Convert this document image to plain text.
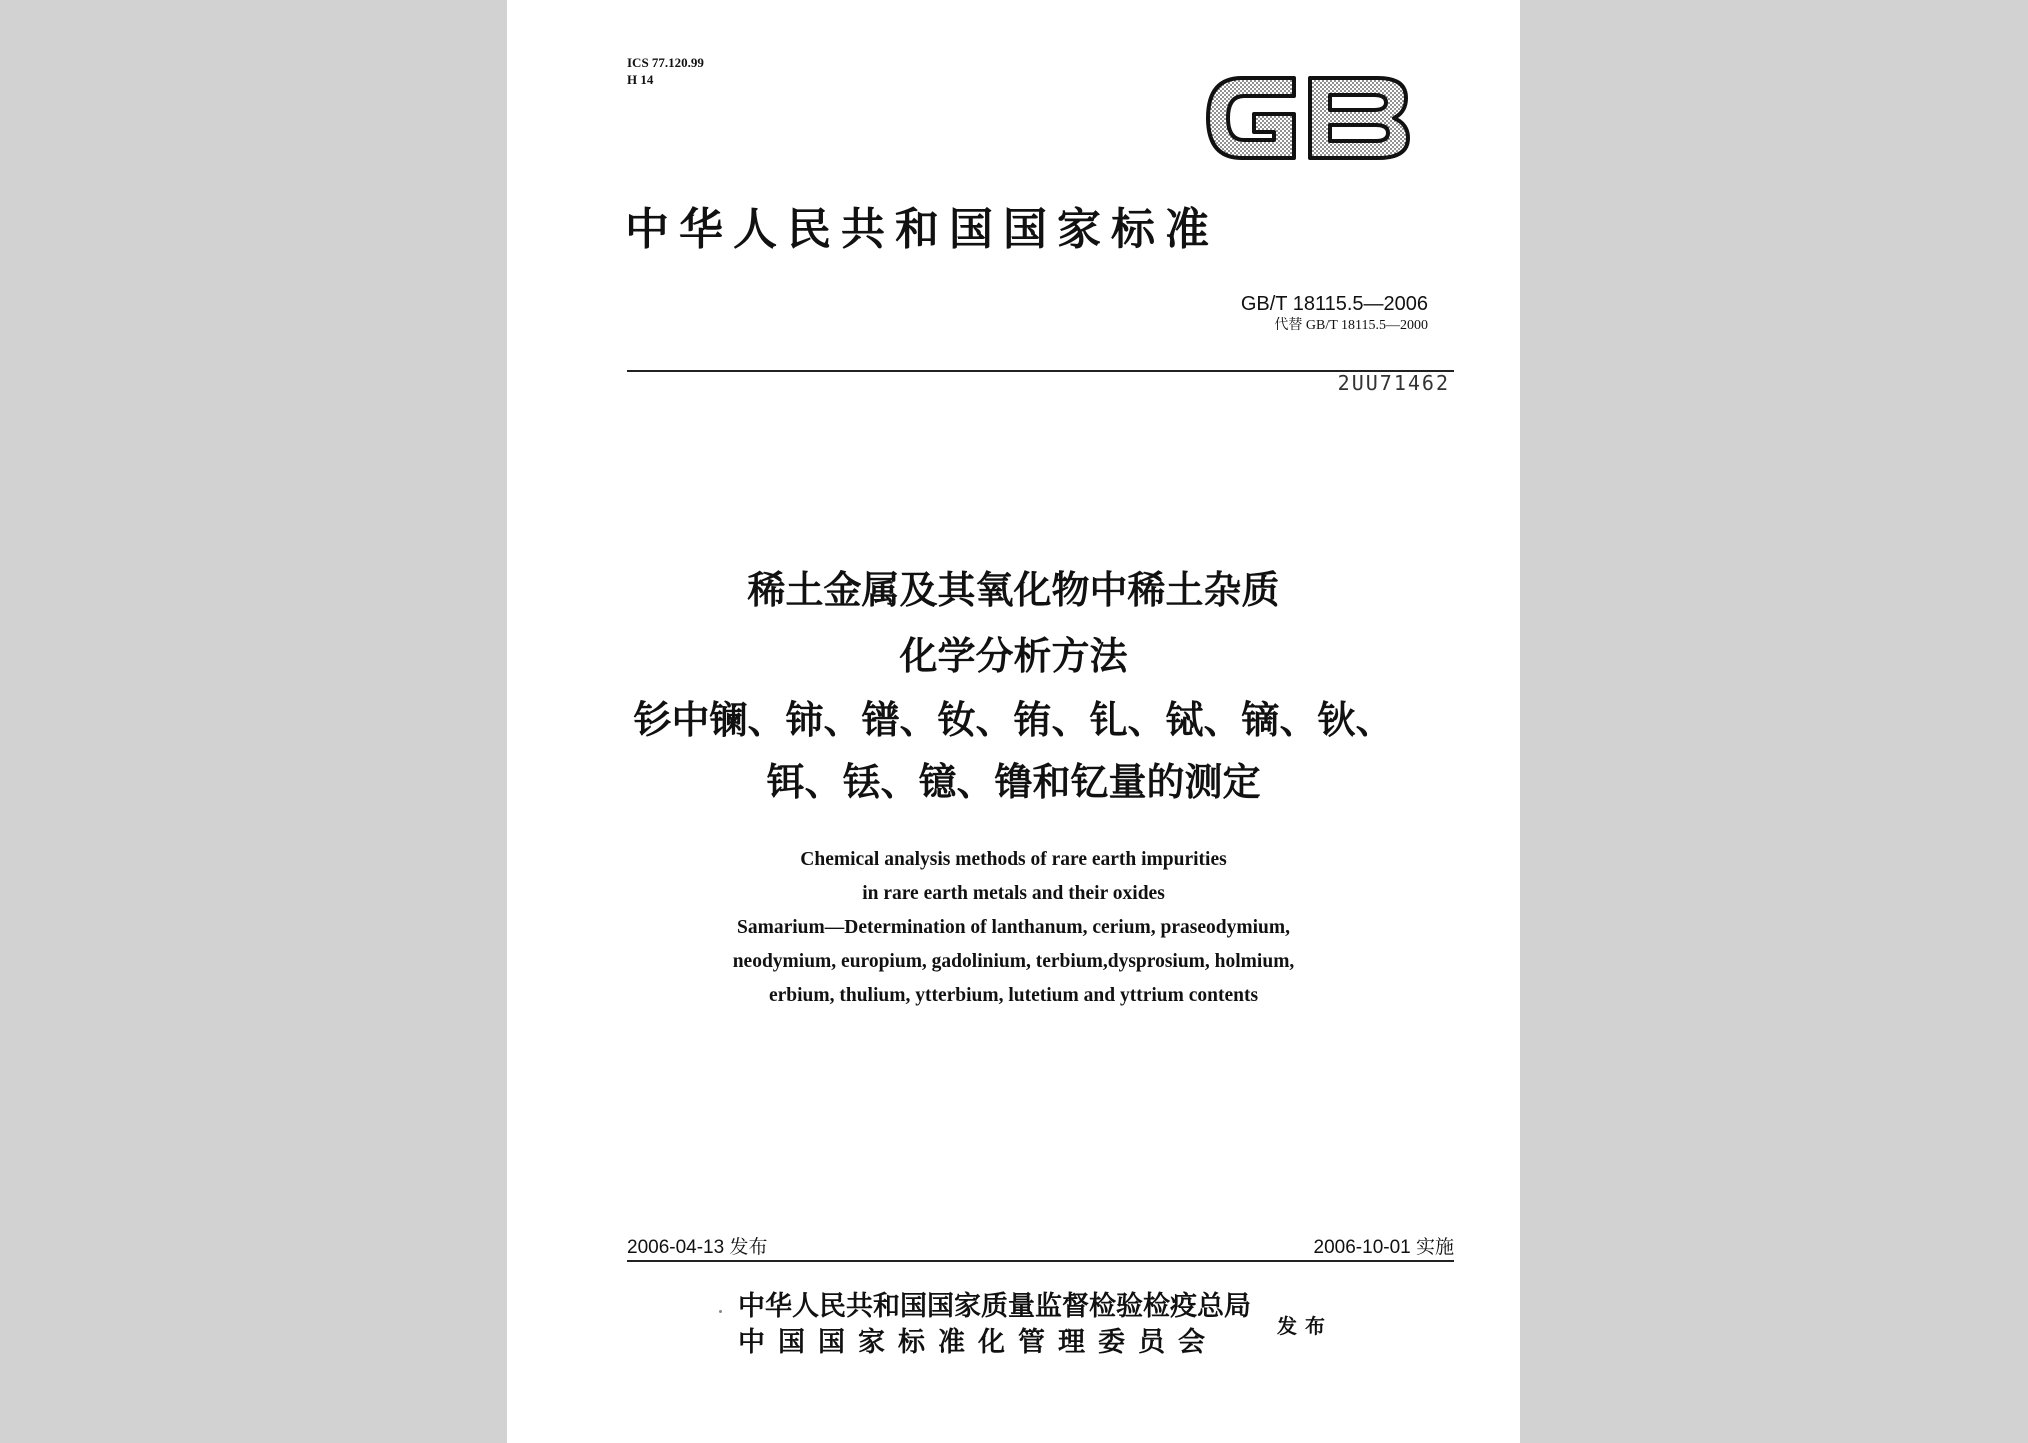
ICS 77.120.99
H 14
中华人民共和国国家标准
GB/T 18115.5—2006
代替 GB/T 18115.5—2000
2UU71462
稀土金属及其氧化物中稀土杂质
化学分析方法
钐中镧、铈、镨、钕、铕、钆、铽、镝、钬、
铒、铥、镱、镥和钇量的测定
Chemical analysis methods of rare earth impurities
in rare earth metals and their oxides
Samarium—Determination of lanthanum, cerium, praseodymium,
neodymium, europium, gadolinium, terbium,dysprosium, holmium,
erbium, thulium, ytterbium, lutetium and yttrium contents
2006-04-13 发布	2006-10-01 实施
中华人民共和国国家质量监督检验检疫总局
中国国家标准化管理委员会
发布
